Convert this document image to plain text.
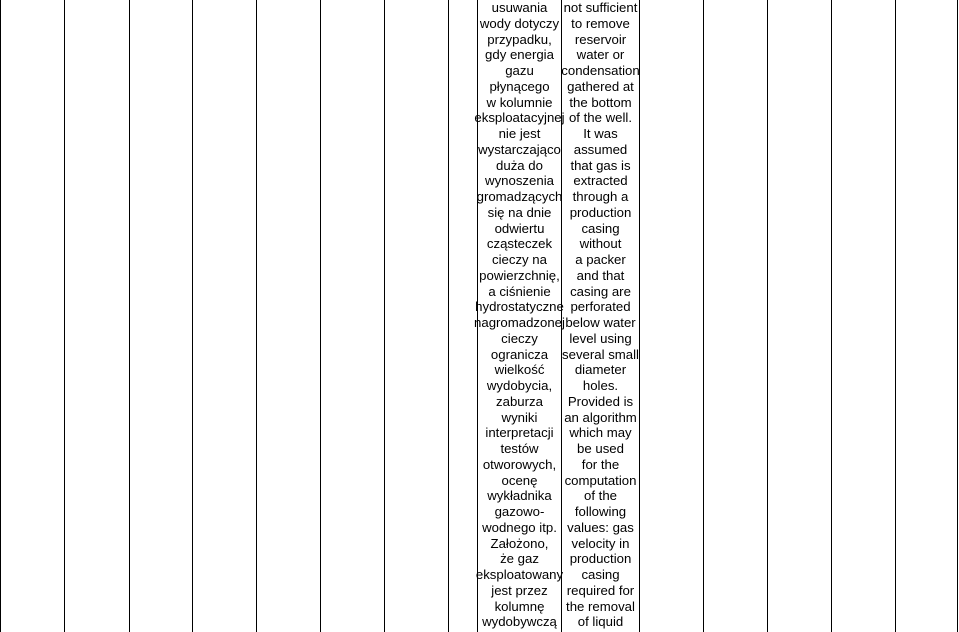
usuwania
wody dotyczy
przypadku,
gdy energia
gazu
płynącego
w kolumnie
eksploatacyjnej
nie jest
wystarczająco
duża do
wynoszenia
gromadzących
się na dnie
odwiertu
cząsteczek
cieczy na
powierzchnię,
a ciśnienie
hydrostatyczne
nagromadzonej
cieczy
ogranicza
wielkość
wydobycia,
zaburza
wyniki
interpretacji
testów
otworowych,
ocenę
wykładnika
gazowo-
wodnego itp.
Założono,
że gaz
eksploatowany
jest przez
kolumnę
wydobywczą
not sufficient
to remove
reservoir
water or
condensation
gathered at
the bottom
of the well.
It was
assumed
that gas is
extracted
through a
production
casing
without
a packer
and that
casing are
perforated
below water
level using
several small
diameter
holes.
Provided is
an algorithm
which may
be used
for the
computation
of the
following
values: gas
velocity in
production
casing
required for
the removal
of liquid
